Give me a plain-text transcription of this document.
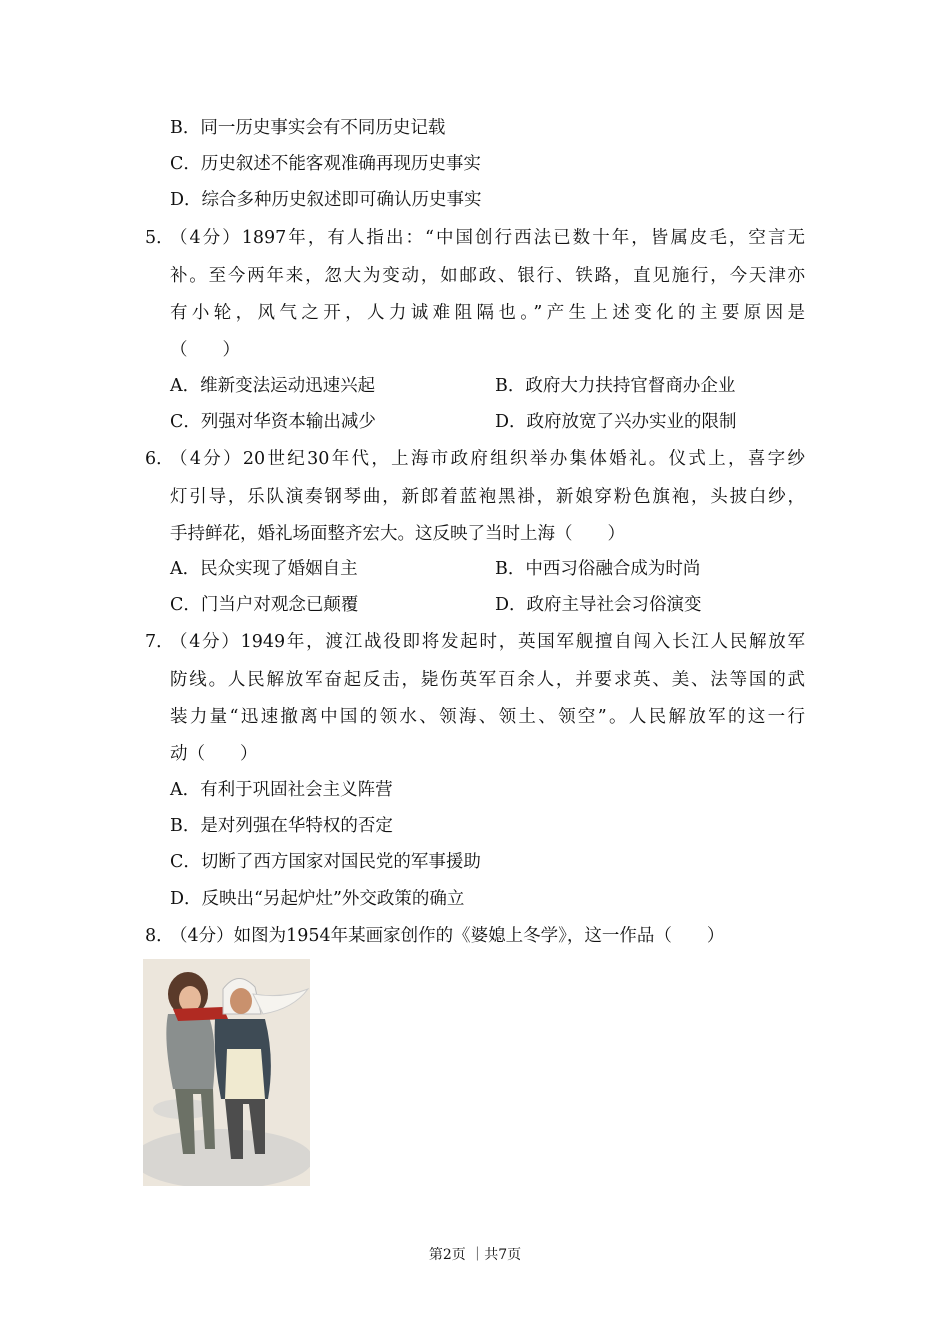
B．同一历史事实会有不同历史记载
C．历史叙述不能客观准确再现历史事实
D．综合多种历史叙述即可确认历史事实
5．
（4分）1897年，有人指出：“中国创行西法已数十年，皆属皮毛，空言无
补。至今两年来，忽大为变动，如邮政、银行、铁路，直见施行，今天津亦
有小轮，风气之开，人力诚难阻隔也。”产生上述变化的主要原因是
（　　）
A．维新变法运动迅速兴起	B．政府大力扶持官督商办企业
C．列强对华资本输出减少	D．政府放宽了兴办实业的限制
6．
（4分）20世纪30年代，上海市政府组织举办集体婚礼。仪式上，喜字纱
灯引导，乐队演奏钢琴曲，新郎着蓝袍黑褂，新娘穿粉色旗袍，头披白纱，
手持鲜花，婚礼场面整齐宏大。这反映了当时上海（　　）
A．民众实现了婚姻自主	B．中西习俗融合成为时尚
C．门当户对观念已颠覆	D．政府主导社会习俗演变
7．
（4分）1949年，渡江战役即将发起时，英国军舰擅自闯入长江人民解放军
防线。人民解放军奋起反击，毙伤英军百余人，并要求英、美、法等国的武
装力量“迅速撤离中国的领水、领海、领土、领空”。人民解放军的这一行
动（　　）
A．有利于巩固社会主义阵营
B．是对列强在华特权的否定
C．切断了西方国家对国民党的军事援助
D．反映出“另起炉灶”外交政策的确立
8．
（4分）如图为1954年某画家创作的《婆媳上冬学》，这一作品（　　）
第2页 ｜共7页
